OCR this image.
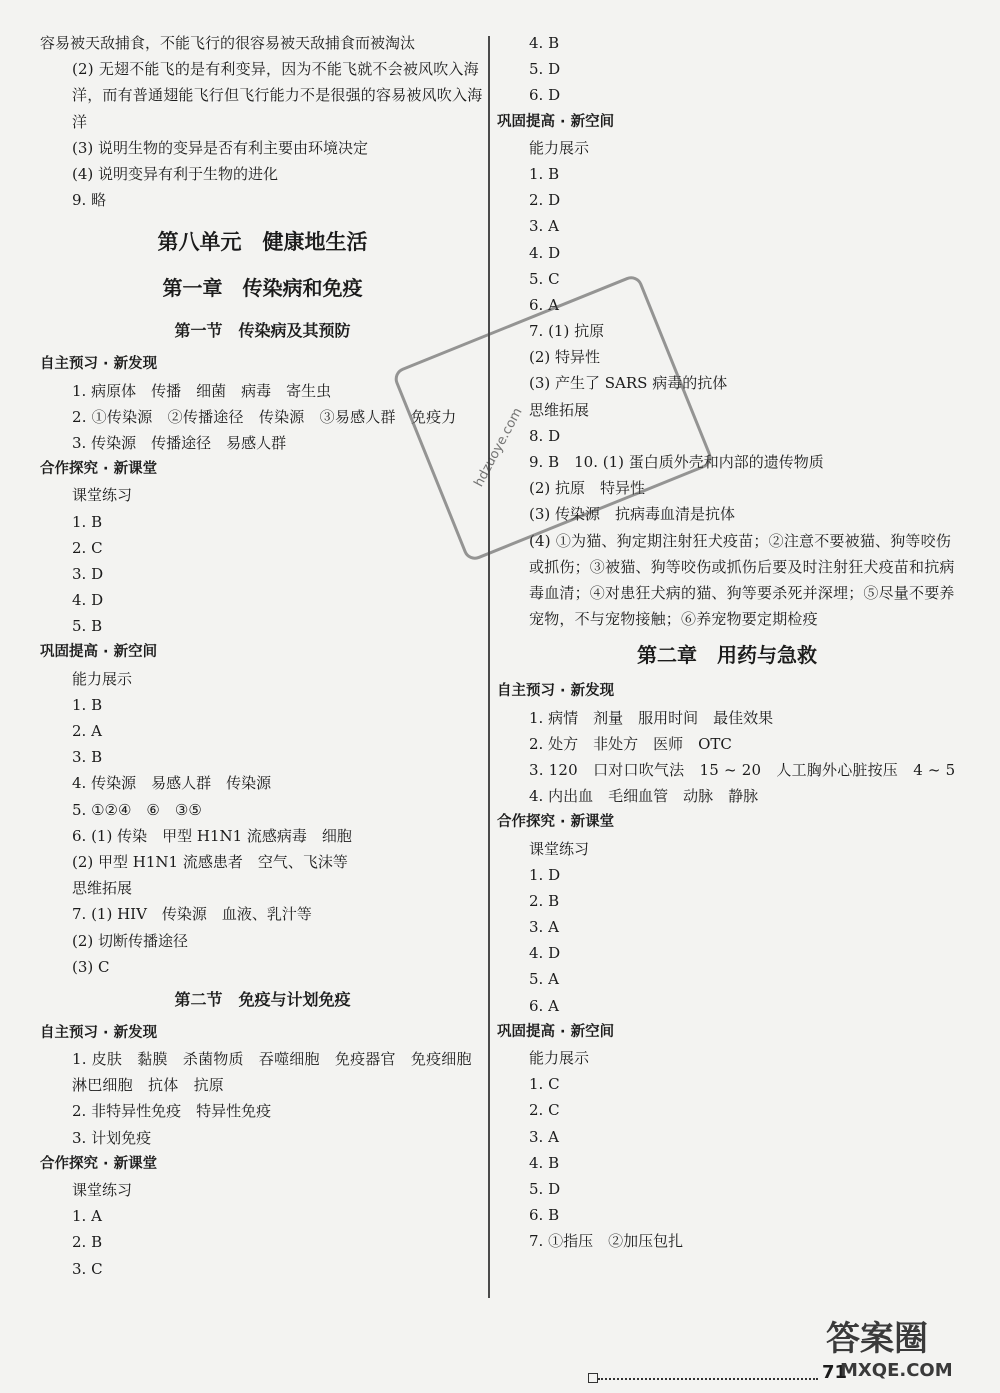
容易被天敌捕食，不能飞行的很容易被天敌捕食而被淘汰
(2) 无翅不能飞的是有利变异，因为不能飞就不会被风吹入海洋，而有普通翅能飞行但飞行能力不是很强的容易被风吹入海洋
(3) 说明生物的变异是否有利主要由环境决定
(4) 说明变异有利于生物的进化
9. 略
第八单元　健康地生活
第一章　传染病和免疫
第一节　传染病及其预防
自主预习 · 新发现
1. 病原体　传播　细菌　病毒　寄生虫
2. ①传染源　②传播途径　传染源　③易感人群　免疫力
3. 传染源　传播途径　易感人群
合作探究 · 新课堂
课堂练习
1. B
2. C
3. D
4. D
5. B
巩固提高 · 新空间
能力展示
1. B
2. A
3. B
4. 传染源　易感人群　传染源
5. ①②④　⑥　③⑤
6. (1) 传染　甲型 H1N1 流感病毒　细胞
(2) 甲型 H1N1 流感患者　空气、飞沫等
思维拓展
7. (1) HIV　传染源　血液、乳汁等
(2) 切断传播途径
(3) C
第二节　免疫与计划免疫
自主预习 · 新发现
1. 皮肤　黏膜　杀菌物质　吞噬细胞　免疫器官　免疫细胞　淋巴细胞　抗体　抗原
2. 非特异性免疫　特异性免疫
3. 计划免疫
合作探究 · 新课堂
课堂练习
1. A
2. B
3. C
4. B
5. D
6. D
巩固提高 · 新空间
能力展示
1. B
2. D
3. A
4. D
5. C
6. A
7. (1) 抗原
(2) 特异性
(3) 产生了 SARS 病毒的抗体
思维拓展
8. D
9. B　10. (1) 蛋白质外壳和内部的遗传物质
(2) 抗原　特异性
(3) 传染源　抗病毒血清是抗体
(4) ①为猫、狗定期注射狂犬疫苗；②注意不要被猫、狗等咬伤或抓伤；③被猫、狗等咬伤或抓伤后要及时注射狂犬疫苗和抗病毒血清；④对患狂犬病的猫、狗等要杀死并深埋；⑤尽量不要养宠物，不与宠物接触；⑥养宠物要定期检疫
第二章　用药与急救
自主预习 · 新发现
1. 病情　剂量　服用时间　最佳效果
2. 处方　非处方　医师　OTC
3. 120　口对口吹气法　15 ~ 20　人工胸外心脏按压　4 ~ 5
4. 内出血　毛细血管　动脉　静脉
合作探究 · 新课堂
课堂练习
1. D
2. B
3. A
4. D
5. A
6. A
巩固提高 · 新空间
能力展示
1. C
2. C
3. A
4. B
5. D
6. B
7. ①指压　②加压包扎
hdzuoye.com
71
答案圈
MXQE.COM
